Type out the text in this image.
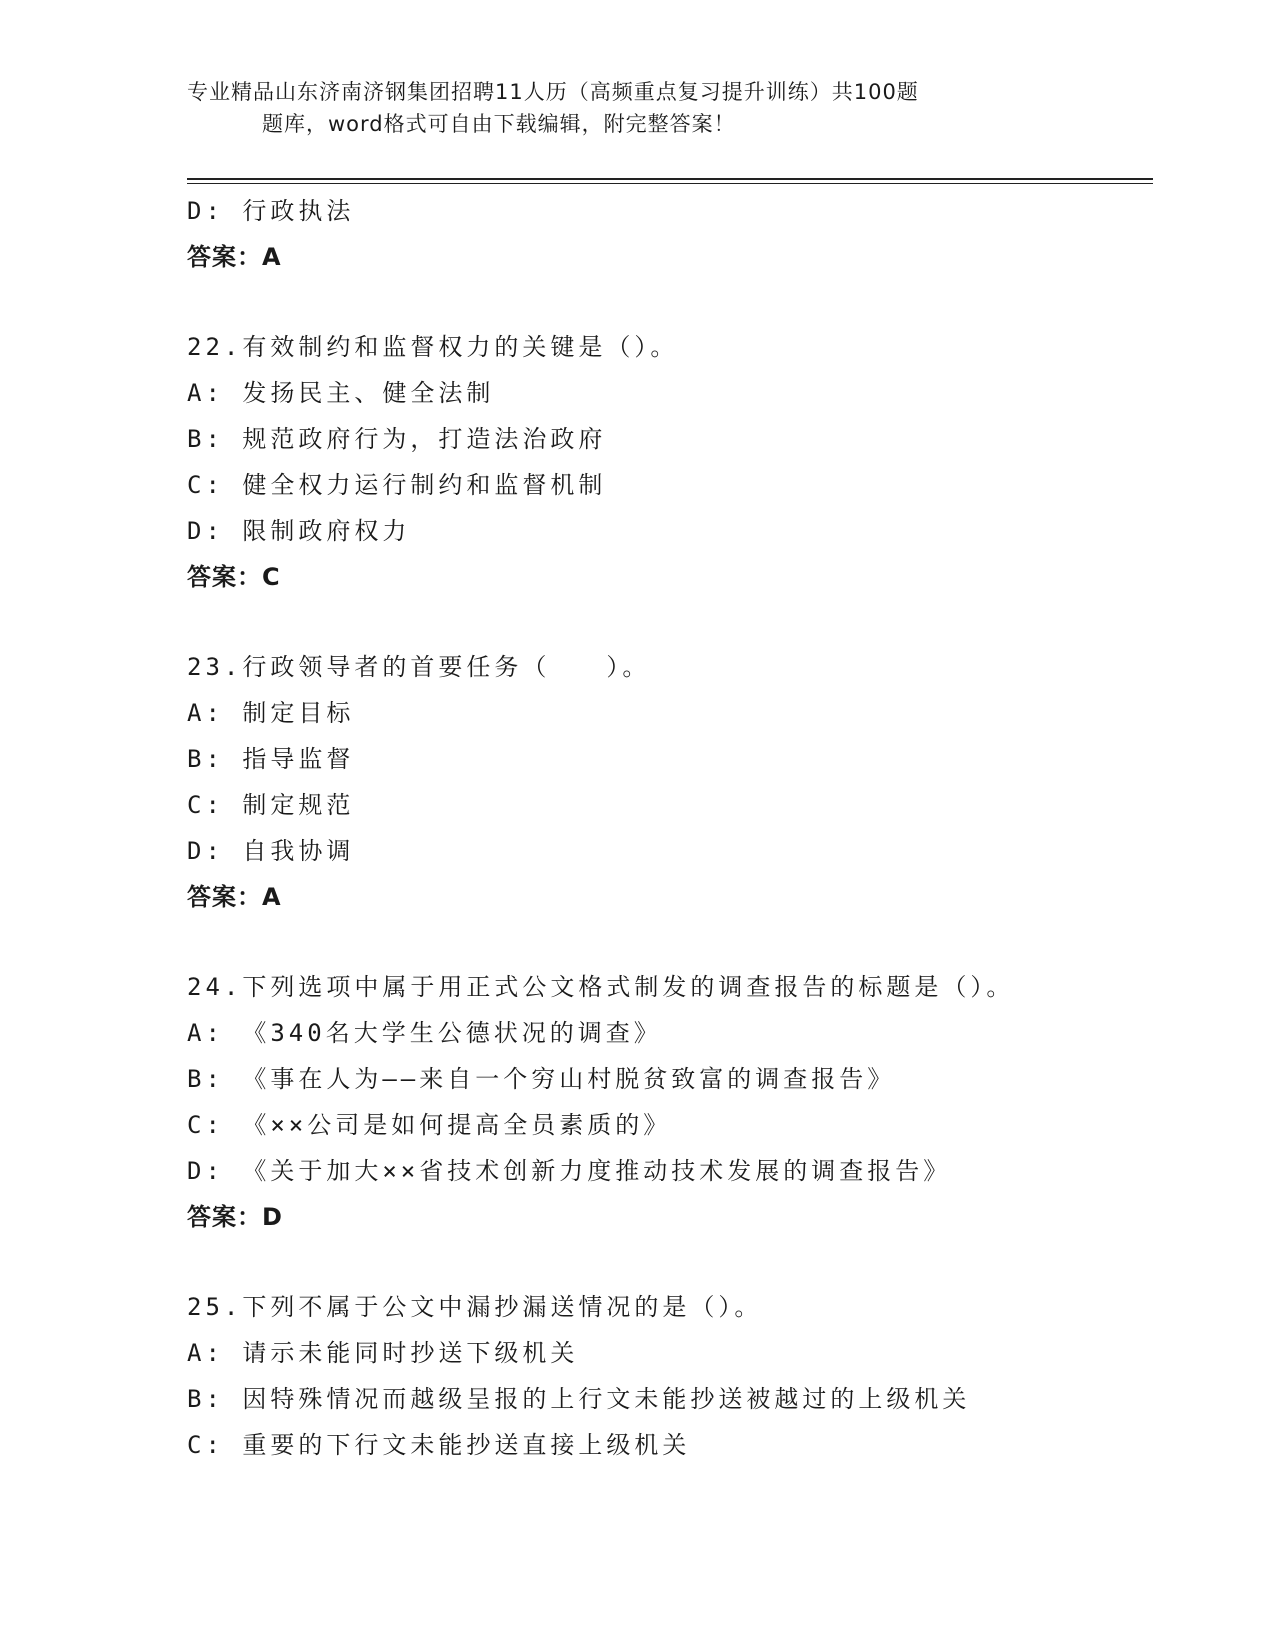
专业精品山东济南济钢集团招聘11人历（高频重点复习提升训练）共100题
题库，word格式可自由下载编辑，附完整答案！
D: 行政执法
答案：A
22.有效制约和监督权力的关键是（）。
A: 发扬民主、健全法制
B: 规范政府行为，打造法治政府
C: 健全权力运行制约和监督机制
D: 限制政府权力
答案：C
23.行政领导者的首要任务（　　）。
A: 制定目标
B: 指导监督
C: 制定规范
D: 自我协调
答案：A
24.下列选项中属于用正式公文格式制发的调查报告的标题是（）。
A: 《340名大学生公德状况的调查》
B: 《事在人为——来自一个穷山村脱贫致富的调查报告》
C: 《××公司是如何提高全员素质的》
D: 《关于加大××省技术创新力度推动技术发展的调查报告》
答案：D
25.下列不属于公文中漏抄漏送情况的是（）。
A: 请示未能同时抄送下级机关
B: 因特殊情况而越级呈报的上行文未能抄送被越过的上级机关
C: 重要的下行文未能抄送直接上级机关
